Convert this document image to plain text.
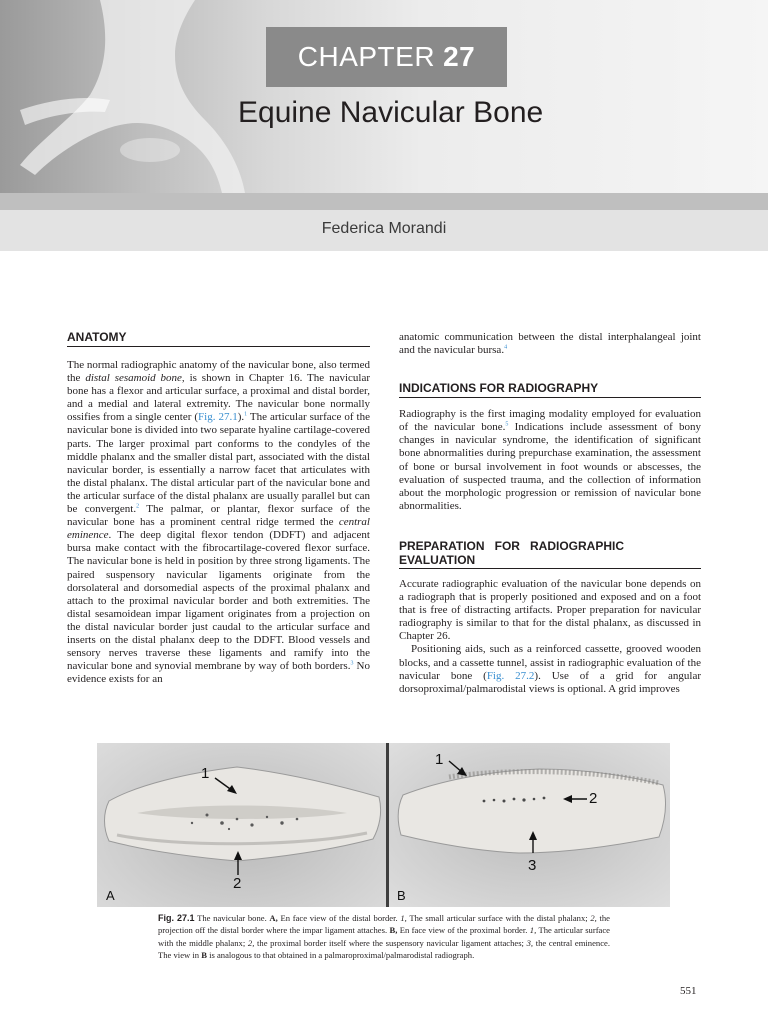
CHAPTER 27
Equine Navicular Bone
Federica Morandi
ANATOMY

The normal radiographic anatomy of the navicular bone, also termed the distal sesamoid bone, is shown in Chapter 16. The navicular bone has a flexor and articular surface, a proximal and distal border, and a medial and lateral extremity. The navicular bone normally ossifies from a single center (Fig. 27.1).$^1$ The articular surface of the navicular bone is divided into two separate hyaline cartilage-covered parts. The larger proximal part conforms to the condyles of the middle phalanx and the smaller distal part, associated with the distal navicular border, is essentially a narrow facet that articulates with the distal phalanx. The distal articular part of the navicular bone and the articular surface of the distal phalanx are usually parallel but can be convergent.$^2$ The palmar, or plantar, flexor surface of the navicular bone has a prominent central ridge termed the central eminence. The deep digital flexor tendon (DDFT) and adjacent bursa make contact with the fibrocartilage-covered flexor surface. The navicular bone is held in position by three strong ligaments. The paired suspensory navicular ligaments originate from the dorsolateral and dorsomedial aspects of the proximal phalanx and attach to the proximal navicular border and both extremities. The distal sesamoidean impar ligament originates from a projection on the distal navicular border just caudal to the articular surface and inserts on the distal phalanx deep to the DDFT. Blood vessels and sensory nerves traverse these ligaments and ramify into the navicular bone and synovial membrane by way of both borders.$^3$ No evidence exists for an

anatomic communication between the distal interphalangeal joint and the navicular bursa.$^4$

INDICATIONS FOR RADIOGRAPHY

Radiography is the first imaging modality employed for evaluation of the navicular bone.$^5$ Indications include assessment of bony changes in navicular syndrome, the identification of significant bone abnormalities during prepurchase examination, the assessment of bone or bursal involvement in foot wounds or abscesses, the evaluation of suspected trauma, and the collection of information about the morphologic progression or remission of navicular bone abnormalities.

PREPARATION FOR RADIOGRAPHIC EVALUATION

Accurate radiographic evaluation of the navicular bone depends on a radiograph that is properly positioned and exposed and on a foot that is free of distracting artifacts. Proper preparation for navicular radiography is similar to that for the distal phalanx, as discussed in Chapter 26.

Positioning aids, such as a reinforced cassette, grooved wooden blocks, and a cassette tunnel, assist in radiographic evaluation of the navicular bone (Fig. 27.2). Use of a grid for angular dorsoproximal/palmarodistal views is optional. A grid improves

1
2
A
1
2
3
B
Fig. 27.1 The navicular bone. A, En face view of the distal border. 1, The small articular surface with the distal phalanx; 2, the projection off the distal border where the impar ligament attaches. B, En face view of the proximal border. 1, The articular surface with the middle phalanx; 2, the proximal border itself where the suspensory navicular ligament attaches; 3, the central eminence. The view in B is analogous to that obtained in a palmaroproximal/palmarodistal radiograph.
551
